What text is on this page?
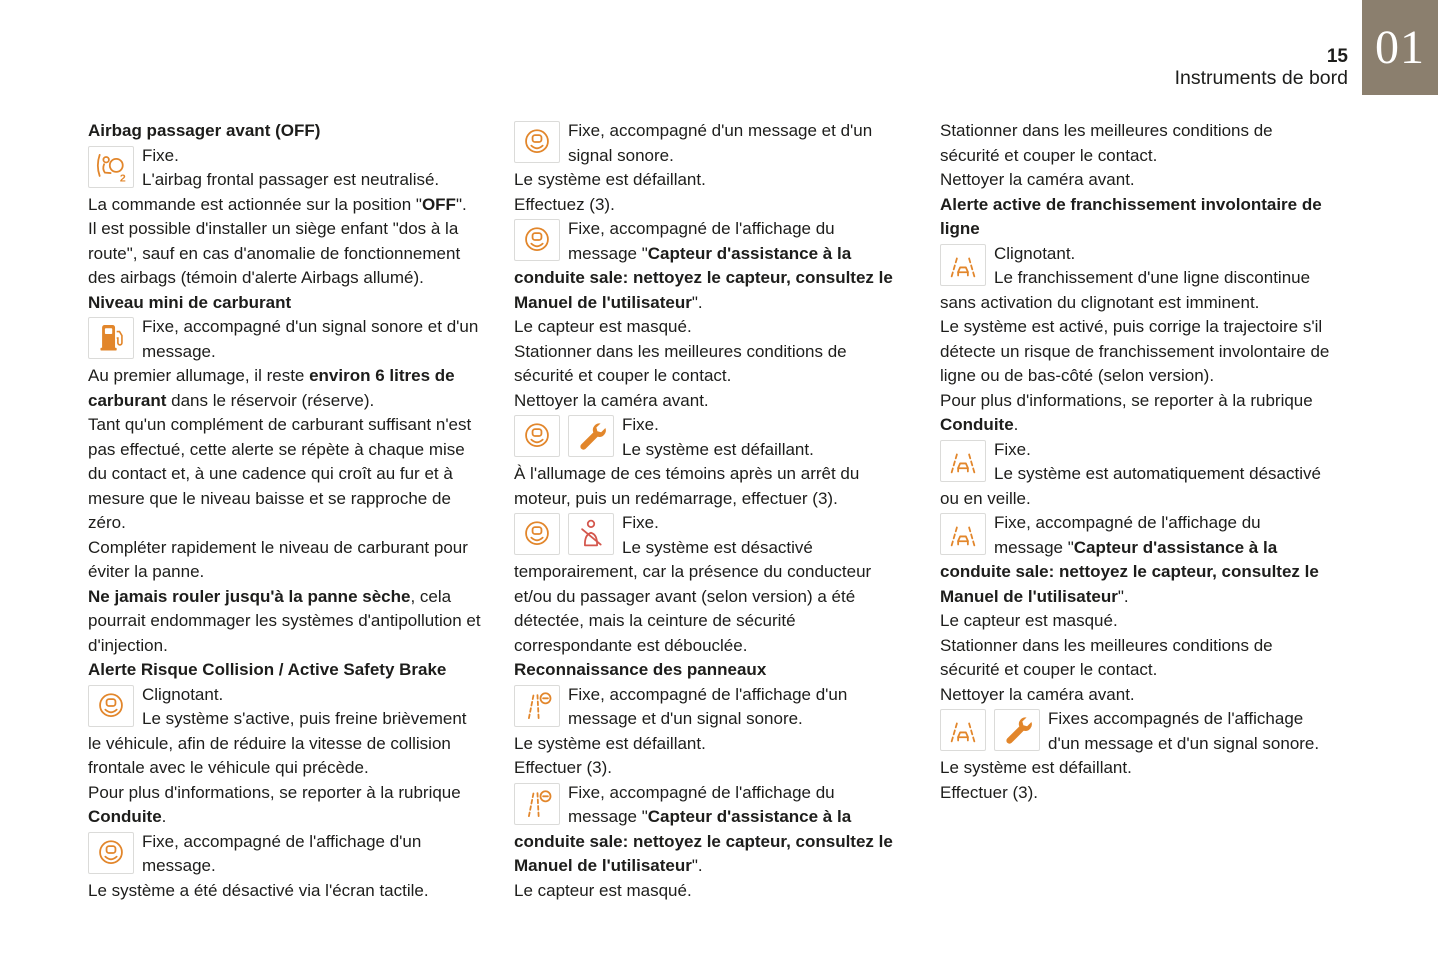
15
Instruments de bord
01
Airbag passager avant (OFF)
2
Fixe.
L'airbag frontal passager est neutralisé.
La commande est actionnée sur la position "OFF".
Il est possible d'installer un siège enfant "dos à la route", sauf en cas d'anomalie de fonctionnement des airbags (témoin d'alerte Airbags allumé).
Niveau mini de carburant
Fixe, accompagné d'un signal sonore et d'un message.
Au premier allumage, il reste environ 6 litres de carburant dans le réservoir (réserve).
Tant qu'un complément de carburant suffisant n'est pas effectué, cette alerte se répète à chaque mise du contact et, à une cadence qui croît au fur et à mesure que le niveau baisse et se rapproche de zéro.
Compléter rapidement le niveau de carburant pour éviter la panne.
Ne jamais rouler jusqu'à la panne sèche, cela pourrait endommager les systèmes d'antipollution et d'injection.
Alerte Risque Collision / Active Safety Brake
Clignotant.
Le système s'active, puis freine brièvement le véhicule, afin de réduire la vitesse de collision frontale avec le véhicule qui précède.
Pour plus d'informations, se reporter à la rubrique Conduite.
Fixe, accompagné de l'affichage d'un message.
Le système a été désactivé via l'écran tactile.
Fixe, accompagné d'un message et d'un signal sonore.
Le système est défaillant.
Effectuez (3).
Fixe, accompagné de l'affichage du message "Capteur d'assistance à la conduite sale: nettoyez le capteur, consultez le Manuel de l'utilisateur".
Le capteur est masqué.
Stationner dans les meilleures conditions de sécurité et couper le contact.
Nettoyer la caméra avant.
Fixe.
Le système est défaillant.
À l'allumage de ces témoins après un arrêt du moteur, puis un redémarrage, effectuer (3).
Fixe.
Le système est désactivé temporairement, car la présence du conducteur et/ou du passager avant (selon version) a été détectée, mais la ceinture de sécurité correspondante est débouclée.
Reconnaissance des panneaux
Fixe, accompagné de l'affichage d'un message et d'un signal sonore.
Le système est défaillant.
Effectuer (3).
Fixe, accompagné de l'affichage du message "Capteur d'assistance à la conduite sale: nettoyez le capteur, consultez le Manuel de l'utilisateur".
Le capteur est masqué.
Stationner dans les meilleures conditions de sécurité et couper le contact.
Nettoyer la caméra avant.
Alerte active de franchissement involontaire de ligne
Clignotant.
Le franchissement d'une ligne discontinue sans activation du clignotant est imminent.
Le système est activé, puis corrige la trajectoire s'il détecte un risque de franchissement involontaire de ligne ou de bas-côté (selon version).
Pour plus d'informations, se reporter à la rubrique Conduite.
Fixe.
Le système est automatiquement désactivé ou en veille.
Fixe, accompagné de l'affichage du message "Capteur d'assistance à la conduite sale: nettoyez le capteur, consultez le Manuel de l'utilisateur".
Le capteur est masqué.
Stationner dans les meilleures conditions de sécurité et couper le contact.
Nettoyer la caméra avant.
Fixes accompagnés de l'affichage d'un message et d'un signal sonore.
Le système est défaillant.
Effectuer (3).
